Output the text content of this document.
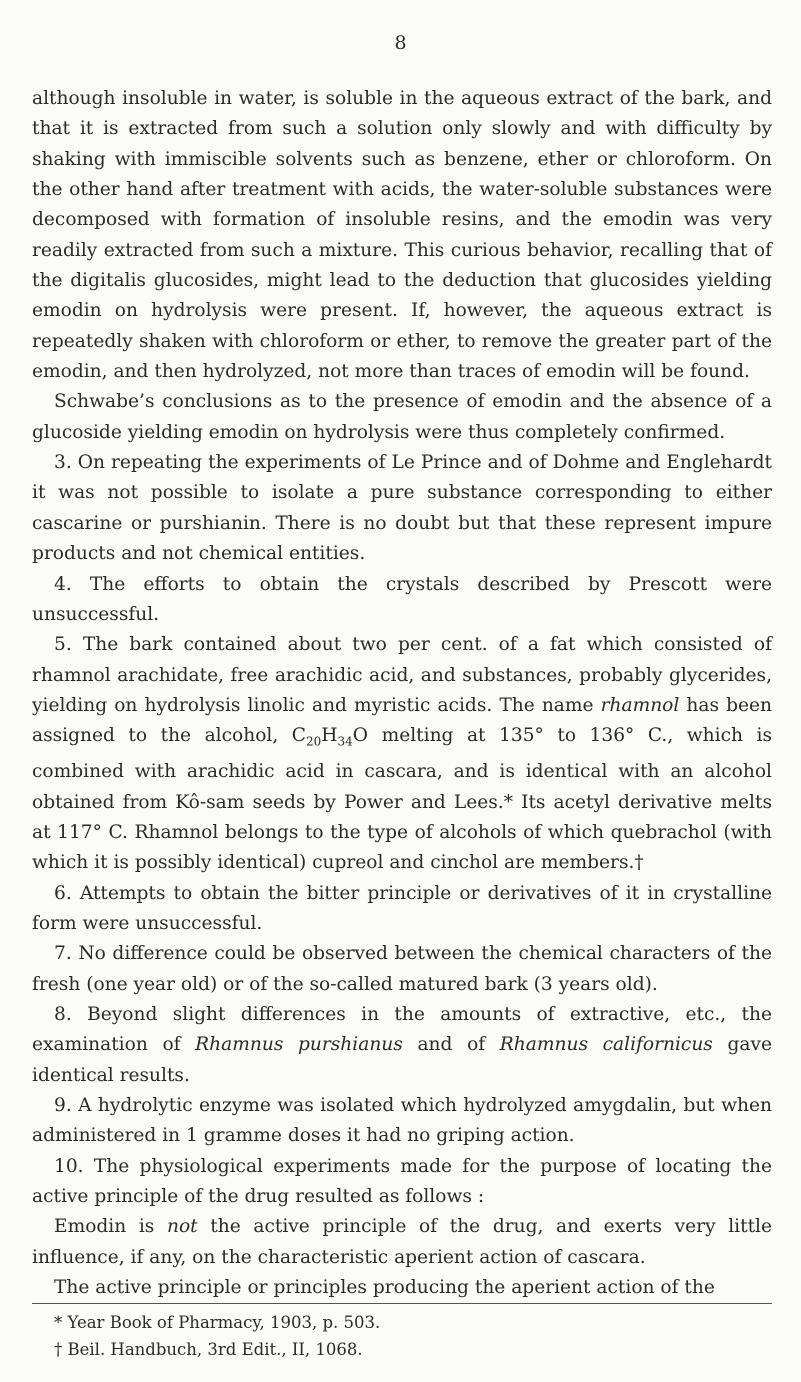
8

although insoluble in water, is soluble in the aqueous extract of the bark, and that it is extracted from such a solution only slowly and with difficulty by shaking with immiscible solvents such as benzene, ether or chloroform. On the other hand after treatment with acids, the water-soluble substances were decomposed with formation of insoluble resins, and the emodin was very readily extracted from such a mixture. This curious behavior, recalling that of the digitalis glucosides, might lead to the deduction that glucosides yielding emodin on hydrolysis were present. If, however, the aqueous extract is repeatedly shaken with chloroform or ether, to remove the greater part of the emodin, and then hydrolyzed, not more than traces of emodin will be found.

Schwabe’s conclusions as to the presence of emodin and the absence of a glucoside yielding emodin on hydrolysis were thus completely confirmed.

3. On repeating the experiments of Le Prince and of Dohme and Englehardt it was not possible to isolate a pure substance corresponding to either cascarine or purshianin. There is no doubt but that these represent impure products and not chemical entities.

4. The efforts to obtain the crystals described by Prescott were unsuccessful.

5. The bark contained about two per cent. of a fat which consisted of rhamnol arachidate, free arachidic acid, and substances, probably glycerides, yielding on hydrolysis linolic and myristic acids. The name rhamnol has been assigned to the alcohol, $C_{20}H_{34}O$ melting at 135° to 136° C., which is combined with arachidic acid in cascara, and is identical with an alcohol obtained from Kô-sam seeds by Power and Lees.* Its acetyl derivative melts at 117° C. Rhamnol belongs to the type of alcohols of which quebrachol (with which it is possibly identical) cupreol and cinchol are members.†

6. Attempts to obtain the bitter principle or derivatives of it in crystalline form were unsuccessful.

7. No difference could be observed between the chemical characters of the fresh (one year old) or of the so-called matured bark (3 years old).

8. Beyond slight differences in the amounts of extractive, etc., the examination of Rhamnus purshianus and of Rhamnus californicus gave identical results.

9. A hydrolytic enzyme was isolated which hydrolyzed amygdalin, but when administered in 1 gramme doses it had no griping action.

10. The physiological experiments made for the purpose of locating the active principle of the drug resulted as follows :

Emodin is not the active principle of the drug, and exerts very little influence, if any, on the characteristic aperient action of cascara.

The active principle or principles producing the aperient action of the

* Year Book of Pharmacy, 1903, p. 503.

† Beil. Handbuch, 3rd Edit., II, 1068.
